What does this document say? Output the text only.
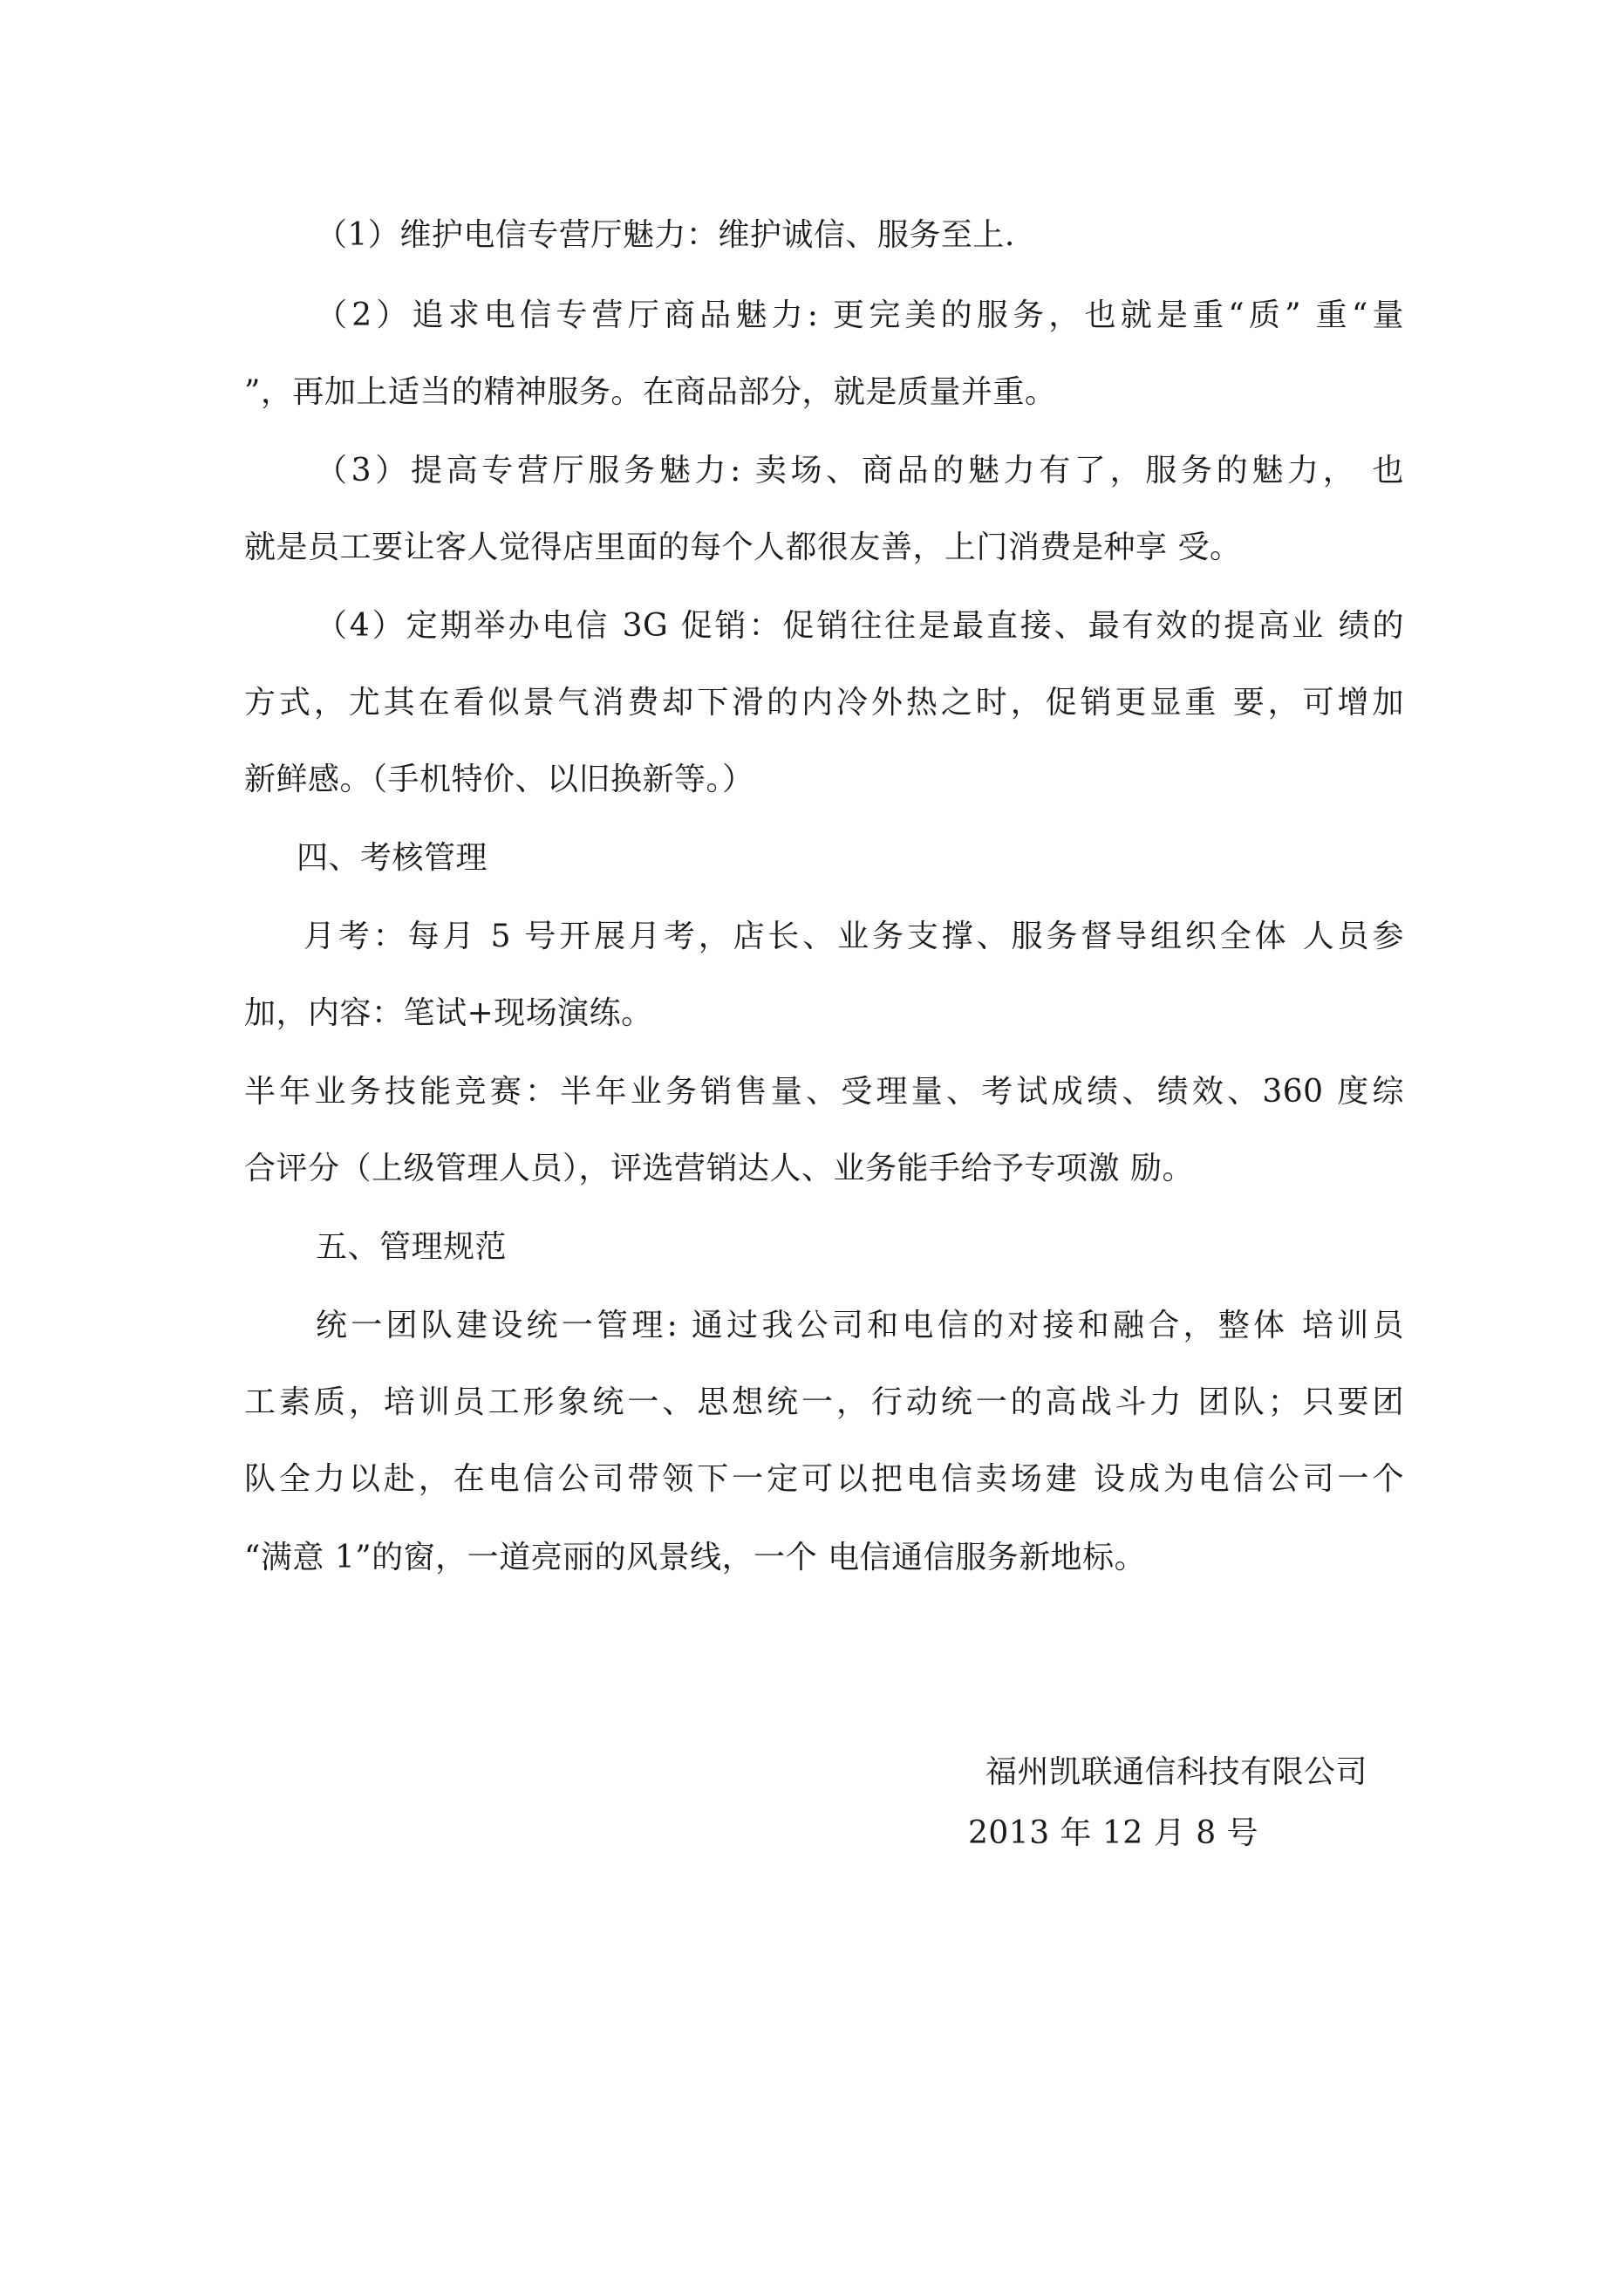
（1）维护电信专营厅魅力：维护诚信、服务至上.
（2）追求电信专营厅商品魅力: 更完美的服务，也就是重“质” 重“量
”，再加上适当的精神服务。在商品部分，就是质量并重。
（3）提高专营厅服务魅力: 卖场、商品的魅力有了，服务的魅力， 也
就是员工要让客人觉得店里面的每个人都很友善，上门消费是种享 受。
（4）定期举办电信 3G 促销：促销往往是最直接、最有效的提高业 绩的
方式，尤其在看似景气消费却下滑的内冷外热之时，促销更显重 要，可增加
新鲜感。（手机特价、以旧换新等。）
四、考核管理
月考：每月 5 号开展月考，店长、业务支撑、服务督导组织全体 人员参
加，内容：笔试+现场演练。
半年业务技能竞赛：半年业务销售量、受理量、考试成绩、绩效、360 度综
合评分（上级管理人员），评选营销达人、业务能手给予专项激 励。
五、管理规范
统一团队建设统一管理: 通过我公司和电信的对接和融合，整体 培训员
工素质，培训员工形象统一、思想统一，行动统一的高战斗力 团队；只要团
队全力以赴，在电信公司带领下一定可以把电信卖场建 设成为电信公司一个
“满意 1”的窗，一道亮丽的风景线，一个 电信通信服务新地标。
福州凯联通信科技有限公司
2013 年 12 月 8 号
